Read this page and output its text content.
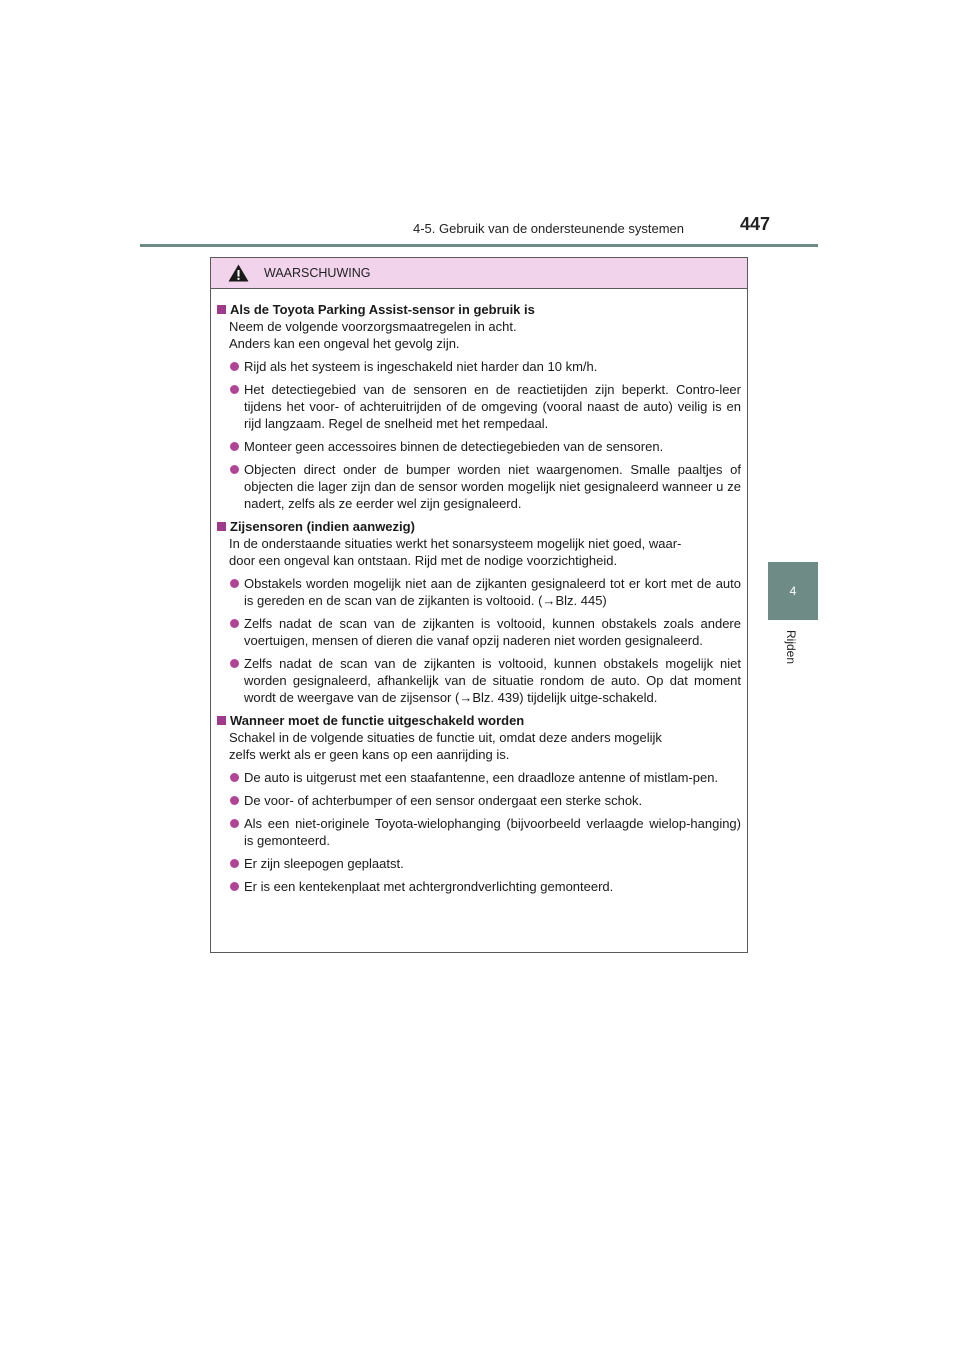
4-5. Gebruik van de ondersteunende systemen	447
4
Rijden
WAARSCHUWING
Als de Toyota Parking Assist-sensor in gebruik is
Neem de volgende voorzorgsmaatregelen in acht.
Anders kan een ongeval het gevolg zijn.
Rijd als het systeem is ingeschakeld niet harder dan 10 km/h.
Het detectiegebied van de sensoren en de reactietijden zijn beperkt. Contro-leer tijdens het voor- of achteruitrijden of de omgeving (vooral naast de auto) veilig is en rijd langzaam. Regel de snelheid met het rempedaal.
Monteer geen accessoires binnen de detectiegebieden van de sensoren.
Objecten direct onder de bumper worden niet waargenomen. Smalle paaltjes of objecten die lager zijn dan de sensor worden mogelijk niet gesignaleerd wanneer u ze nadert, zelfs als ze eerder wel zijn gesignaleerd.
Zijsensoren (indien aanwezig)
In de onderstaande situaties werkt het sonarsysteem mogelijk niet goed, waar-
door een ongeval kan ontstaan. Rijd met de nodige voorzichtigheid.
Obstakels worden mogelijk niet aan de zijkanten gesignaleerd tot er kort met de auto is gereden en de scan van de zijkanten is voltooid. (→Blz. 445)
Zelfs nadat de scan van de zijkanten is voltooid, kunnen obstakels zoals andere voertuigen, mensen of dieren die vanaf opzij naderen niet worden gesignaleerd.
Zelfs nadat de scan van de zijkanten is voltooid, kunnen obstakels mogelijk niet worden gesignaleerd, afhankelijk van de situatie rondom de auto. Op dat moment wordt de weergave van de zijsensor (→Blz. 439) tijdelijk uitge-schakeld.
Wanneer moet de functie uitgeschakeld worden
Schakel in de volgende situaties de functie uit, omdat deze anders mogelijk
zelfs werkt als er geen kans op een aanrijding is.
De auto is uitgerust met een staafantenne, een draadloze antenne of mistlam-pen.
De voor- of achterbumper of een sensor ondergaat een sterke schok.
Als een niet-originele Toyota-wielophanging (bijvoorbeeld verlaagde wielop-hanging) is gemonteerd.
Er zijn sleepogen geplaatst.
Er is een kentekenplaat met achtergrondverlichting gemonteerd.
